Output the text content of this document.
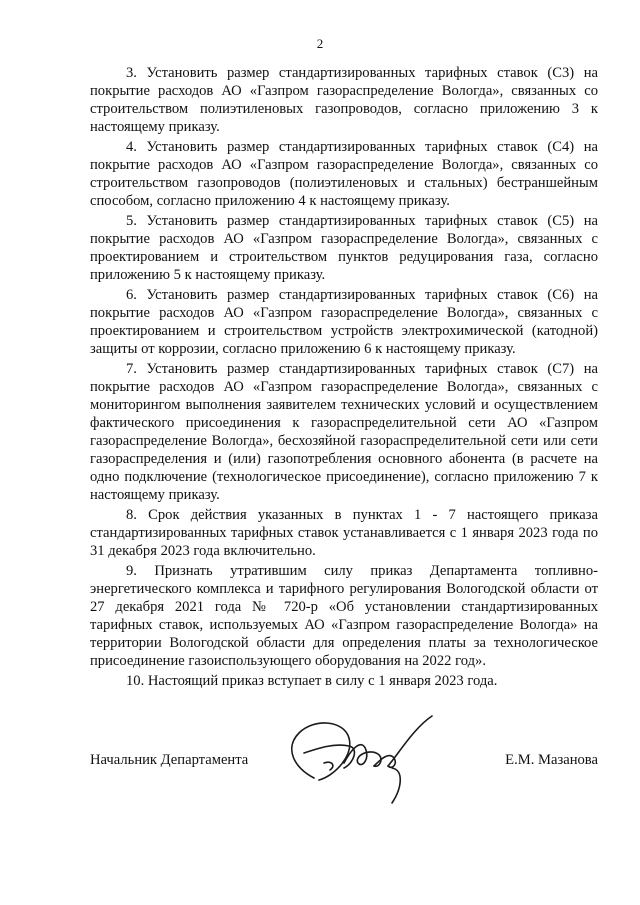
2

3. Установить размер стандартизированных тарифных ставок (С3) на покрытие расходов АО «Газпром газораспределение Вологда», связанных со строительством полиэтиленовых газопроводов, согласно приложению 3 к настоящему приказу.

4. Установить размер стандартизированных тарифных ставок (С4) на покрытие расходов АО «Газпром газораспределение Вологда», связанных со строительством газопроводов (полиэтиленовых и стальных) бестраншейным способом, согласно приложению 4 к настоящему приказу.

5. Установить размер стандартизированных тарифных ставок (С5) на покрытие расходов АО «Газпром газораспределение Вологда», связанных с проектированием и строительством пунктов редуцирования газа, согласно приложению 5 к настоящему приказу.

6. Установить размер стандартизированных тарифных ставок (С6) на покрытие расходов АО «Газпром газораспределение Вологда», связанных с проектированием и строительством устройств электрохимической (катодной) защиты от коррозии, согласно приложению 6 к настоящему приказу.

7. Установить размер стандартизированных тарифных ставок (С7) на покрытие расходов АО «Газпром газораспределение Вологда», связанных с мониторингом выполнения заявителем технических условий и осуществлением фактического присоединения к газораспределительной сети АО «Газпром газораспределение Вологда», бесхозяйной газораспределительной сети или сети газораспределения и (или) газопотребления основного абонента (в расчете на одно подключение (технологическое присоединение), согласно приложению 7 к настоящему приказу.

8. Срок действия указанных в пунктах 1 - 7 настоящего приказа стандартизированных тарифных ставок устанавливается с 1 января 2023 года по 31 декабря 2023 года включительно.

9. Признать утратившим силу приказ Департамента топливно-энергетического комплекса и тарифного регулирования Вологодской области от 27 декабря 2021 года № 720-р «Об установлении стандартизированных тарифных ставок, используемых АО «Газпром газораспределение Вологда» на территории Вологодской области для определения платы за технологическое присоединение газоиспользующего оборудования на 2022 год».

10. Настоящий приказ вступает в силу с 1 января 2023 года.

Начальник Департамента	Е.М. Мазанова
